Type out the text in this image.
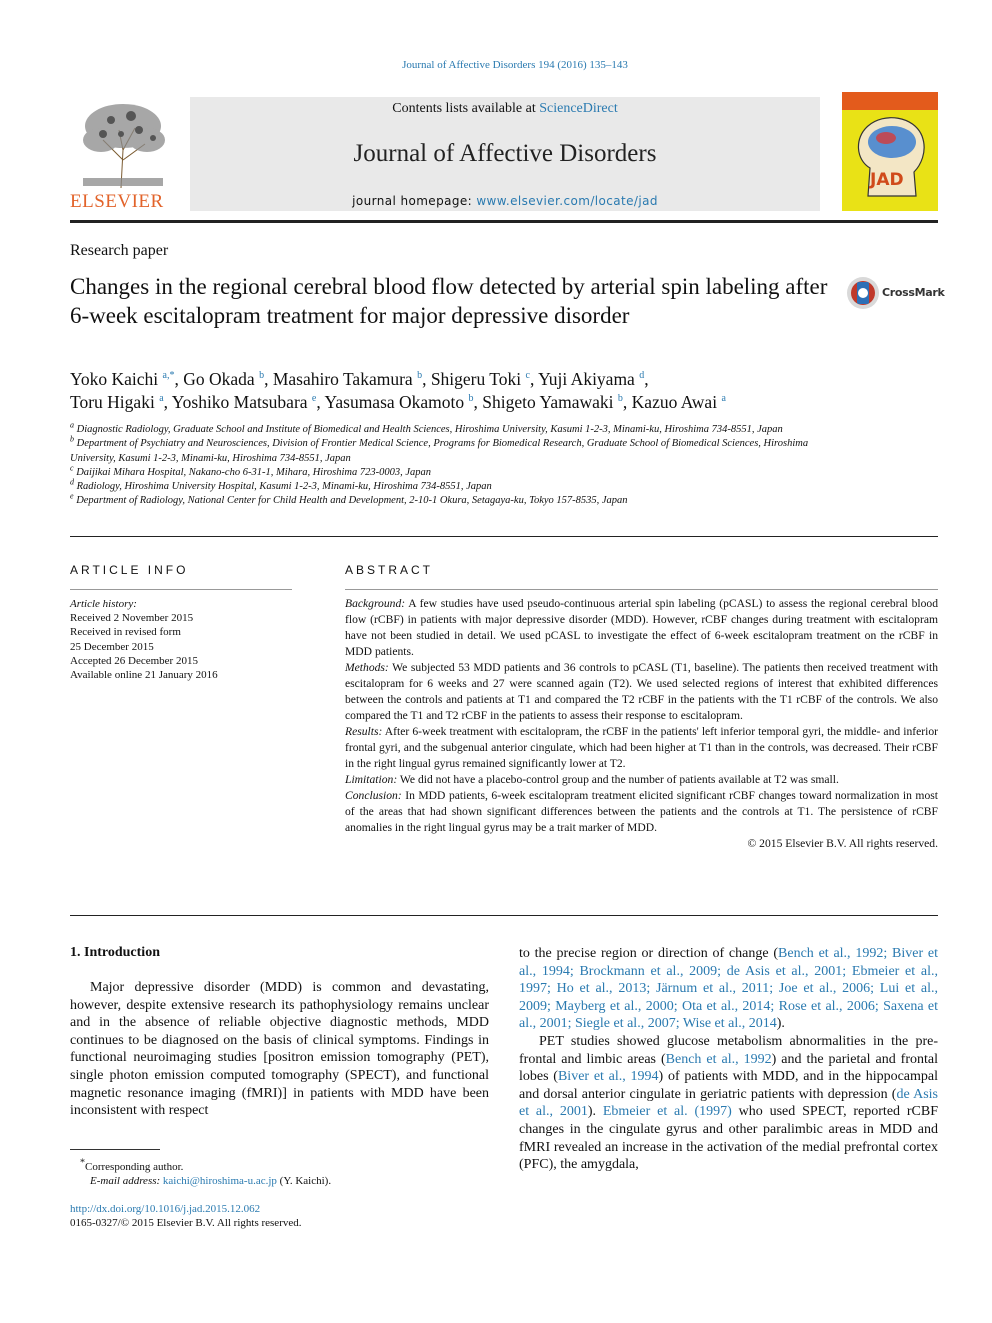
Journal of Affective Disorders 194 (2016) 135–143
ELSEVIER
Contents lists available at ScienceDirect
Journal of Affective Disorders
journal homepage: www.elsevier.com/locate/jad
JAD
Research paper
Changes in the regional cerebral blood flow detected by arterial spin labeling after 6-week escitalopram treatment for major depressive disorder
CrossMark
Yoko Kaichi $^{a,*}$, Go Okada $^b$, Masahiro Takamura $^b$, Shigeru Toki $^c$, Yuji Akiyama $^d$,
Toru Higaki $^a$, Yoshiko Matsubara $^e$, Yasumasa Okamoto $^b$, Shigeto Yamawaki $^b$, Kazuo Awai $^a$
$^a$ Diagnostic Radiology, Graduate School and Institute of Biomedical and Health Sciences, Hiroshima University, Kasumi 1-2-3, Minami-ku, Hiroshima 734-8551, Japan
$^b$ Department of Psychiatry and Neurosciences, Division of Frontier Medical Science, Programs for Biomedical Research, Graduate School of Biomedical Sciences, Hiroshima University, Kasumi 1-2-3, Minami-ku, Hiroshima 734-8551, Japan
$^c$ Daijikai Mihara Hospital, Nakano-cho 6-31-1, Mihara, Hiroshima 723-0003, Japan
$^d$ Radiology, Hiroshima University Hospital, Kasumi 1-2-3, Minami-ku, Hiroshima 734-8551, Japan
$^e$ Department of Radiology, National Center for Child Health and Development, 2-10-1 Okura, Setagaya-ku, Tokyo 157-8535, Japan
ARTICLE INFO
Article history:
Received 2 November 2015
Received in revised form
25 December 2015
Accepted 26 December 2015
Available online 21 January 2016
ABSTRACT
Background: A few studies have used pseudo-continuous arterial spin labeling (pCASL) to assess the regional cerebral blood flow (rCBF) in patients with major depressive disorder (MDD). However, rCBF changes during treatment with escitalopram have not been studied in detail. We used pCASL to investigate the effect of 6-week escitalopram treatment on the rCBF in MDD patients.
Methods: We subjected 53 MDD patients and 36 controls to pCASL (T1, baseline). The patients then received treatment with escitalopram for 6 weeks and 27 were scanned again (T2). We used selected regions of interest that exhibited differences between the controls and patients at T1 and compared the T2 rCBF in the patients with the T1 rCBF of the controls. We also compared the T1 and T2 rCBF in the patients to assess their response to escitalopram.
Results: After 6-week treatment with escitalopram, the rCBF in the patients' left inferior temporal gyri, the middle- and inferior frontal gyri, and the subgenual anterior cingulate, which had been higher at T1 than in the controls, was decreased. Their rCBF in the right lingual gyrus remained significantly lower at T2.
Limitation: We did not have a placebo-control group and the number of patients available at T2 was small.
Conclusion: In MDD patients, 6-week escitalopram treatment elicited significant rCBF changes toward normalization in most of the areas that had shown significant differences between the patients and the controls at T1. The persistence of rCBF anomalies in the right lingual gyrus may be a trait marker of MDD.
© 2015 Elsevier B.V. All rights reserved.
1. Introduction

Major depressive disorder (MDD) is common and devastating, however, despite extensive research its pathophysiology remains unclear and in the absence of reliable objective diagnostic methods, MDD continues to be diagnosed on the basis of clinical symptoms. Findings in functional neuroimaging studies [positron emission tomography (PET), single photon emission computed tomography (SPECT), and functional magnetic resonance imaging (fMRI)] in patients with MDD have been inconsistent with respect

to the precise region or direction of change (Bench et al., 1992; Biver et al., 1994; Brockmann et al., 2009; de Asis et al., 2001; Ebmeier et al., 1997; Ho et al., 2013; Järnum et al., 2011; Joe et al., 2006; Lui et al., 2009; Mayberg et al., 2000; Ota et al., 2014; Rose et al., 2006; Saxena et al., 2001; Siegle et al., 2007; Wise et al., 2014).

PET studies showed glucose metabolism abnormalities in the pre-frontal and limbic areas (Bench et al., 1992) and the parietal and frontal lobes (Biver et al., 1994) of patients with MDD, and in the hippocampal and dorsal anterior cingulate in geriatric patients with depression (de Asis et al., 2001). Ebmeier et al. (1997) who used SPECT, reported rCBF changes in the cingulate gyrus and other paralimbic areas in MDD and fMRI revealed an increase in the activation of the medial prefrontal cortex (PFC), the amygdala,

*Corresponding author.
E-mail address: kaichi@hiroshima-u.ac.jp (Y. Kaichi).
http://dx.doi.org/10.1016/j.jad.2015.12.062
0165-0327/© 2015 Elsevier B.V. All rights reserved.
